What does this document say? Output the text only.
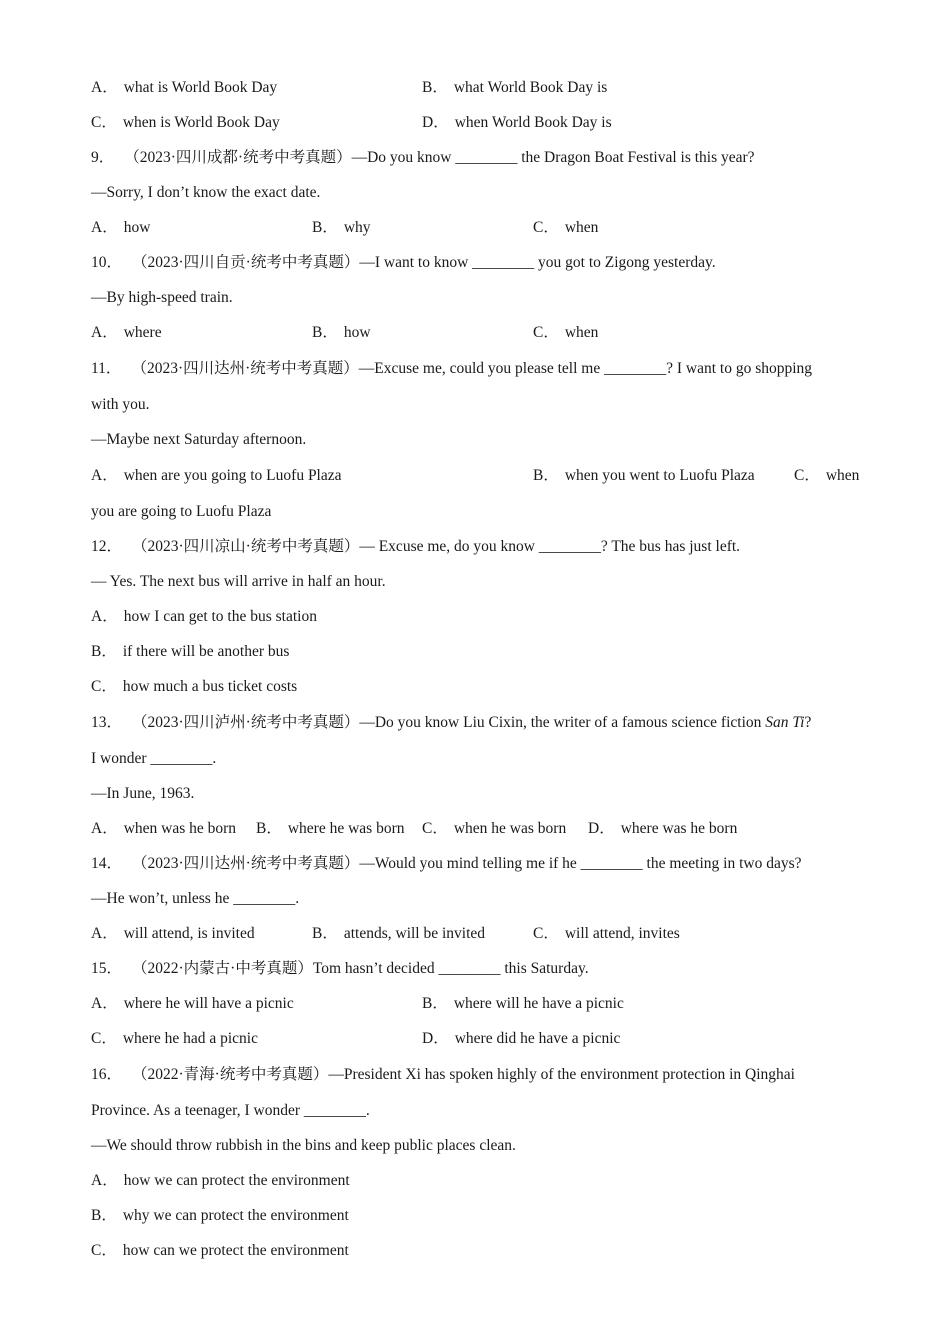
A． what is World Book Day	B． what World Book Day is
C． when is World Book Day	D． when World Book Day is
9． （2023·四川成都·统考中考真题）—Do you know ________ the Dragon Boat Festival is this year?
—Sorry, I don’t know the exact date.
A． how	B． why	C． when
10． （2023·四川自贡·统考中考真题）—I want to know ________ you got to Zigong yesterday.
—By high-speed train.
A． where	B． how	C． when
11． （2023·四川达州·统考中考真题）—Excuse me, could you please tell me ________? I want to go shopping
with you.
—Maybe next Saturday afternoon.
A． when are you going to Luofu Plaza	B． when you went to Luofu Plaza	C． when
you are going to Luofu Plaza
12． （2023·四川凉山·统考中考真题）— Excuse me, do you know ________? The bus has just left.
— Yes. The next bus will arrive in half an hour.
A． how I can get to the bus station
B． if there will be another bus
C． how much a bus ticket costs
13． （2023·四川泸州·统考中考真题）—Do you know Liu Cixin, the writer of a famous science fiction San Ti?
I wonder ________.
—In June, 1963.
A． when was he born B． where he was born C． when he was born D． where was he born
14． （2023·四川达州·统考中考真题）—Would you mind telling me if he ________ the meeting in two days?
—He won’t, unless he ________.
A． will attend, is invited	B． attends, will be invited	C． will attend, invites
15． （2022·内蒙古·中考真题）Tom hasn’t decided ________ this Saturday.
A． where he will have a picnic	B． where will he have a picnic
C． where he had a picnic	D． where did he have a picnic
16． （2022·青海·统考中考真题）—President Xi has spoken highly of the environment protection in Qinghai
Province. As a teenager, I wonder ________.
—We should throw rubbish in the bins and keep public places clean.
A． how we can protect the environment
B． why we can protect the environment
C． how can we protect the environment
